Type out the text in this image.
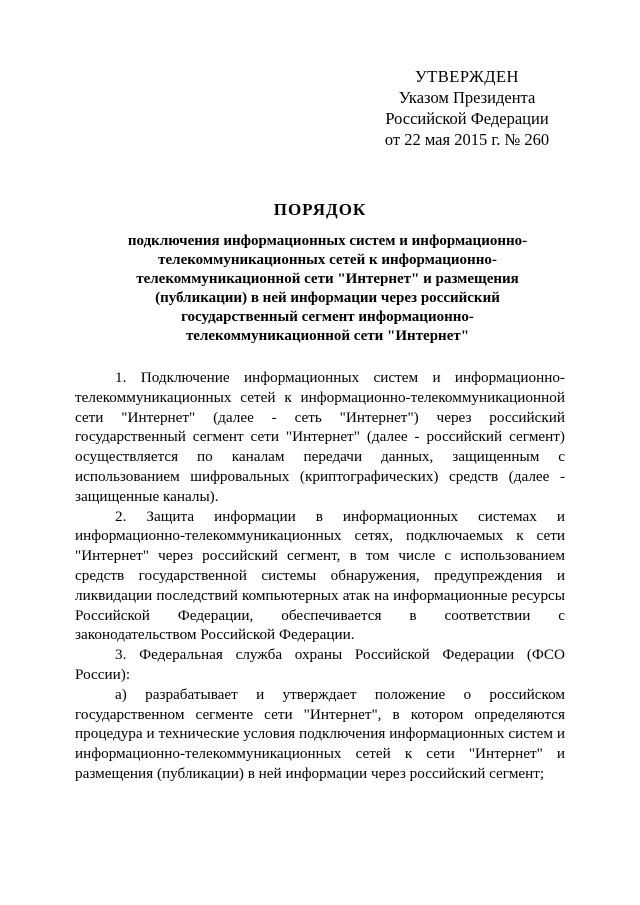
УТВЕРЖДЕН
Указом Президента
Российской Федерации
от 22 мая 2015 г. № 260
ПОРЯДОК
подключения информационных систем и информационно-телекоммуникационных сетей к информационно-телекоммуникационной сети "Интернет" и размещения (публикации) в ней информации через российский государственный сегмент информационно-телекоммуникационной сети "Интернет"

1. Подключение информационных систем и информационно-телекоммуникационных сетей к информационно-телекоммуникационной сети "Интернет" (далее - сеть "Интернет") через российский государственный сегмент сети "Интернет" (далее - российский сегмент) осуществляется по каналам передачи данных, защищенным с использованием шифровальных (криптографических) средств (далее - защищенные каналы).

2. Защита информации в информационных системах и информационно-телекоммуникационных сетях, подключаемых к сети "Интернет" через российский сегмент, в том числе с использованием средств государственной системы обнаружения, предупреждения и ликвидации последствий компьютерных атак на информационные ресурсы Российской Федерации, обеспечивается в соответствии с законодательством Российской Федерации.

3. Федеральная служба охраны Российской Федерации (ФСО России):

а) разрабатывает и утверждает положение о российском государственном сегменте сети "Интернет", в котором определяются процедура и технические условия подключения информационных систем и информационно-телекоммуникационных сетей к сети "Интернет" и размещения (публикации) в ней информации через российский сегмент;
